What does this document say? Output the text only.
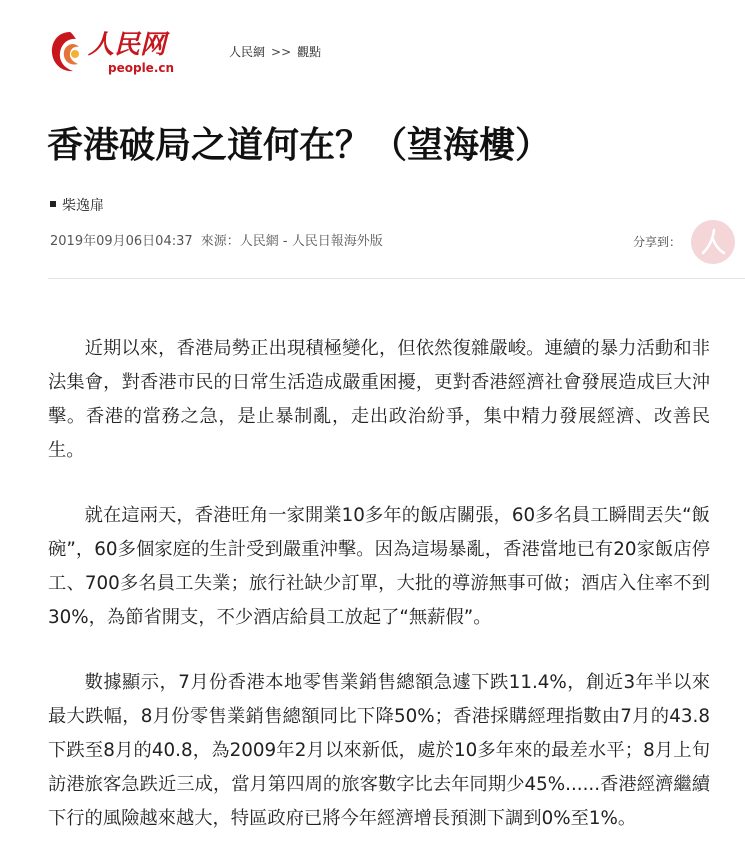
人民网
people.cn
人民網 >> 觀點
香港破局之道何在？（望海樓）
柴逸扉
2019年09月06日04:37 來源：人民網 - 人民日報海外版	分享到：

近期以來，香港局勢正出現積極變化，但依然復雜嚴峻。連續的暴力活動和非法集會，對香港市民的日常生活造成嚴重困擾，更對香港經濟社會發展造成巨大沖擊。香港的當務之急，是止暴制亂，走出政治紛爭，集中精力發展經濟、改善民生。

就在這兩天，香港旺角一家開業10多年的飯店關張，60多名員工瞬間丟失“飯碗”，60多個家庭的生計受到嚴重沖擊。因為這場暴亂，香港當地已有20家飯店停工、700多名員工失業；旅行社缺少訂單，大批的導游無事可做；酒店入住率不到30%，為節省開支，不少酒店給員工放起了“無薪假”。

數據顯示，7月份香港本地零售業銷售總額急遽下跌11.4%，創近3年半以來最大跌幅，8月份零售業銷售總額同比下降50%；香港採購經理指數由7月的43.8下跌至8月的40.8，為2009年2月以來新低，處於10多年來的最差水平；8月上旬訪港旅客急跌近三成，當月第四周的旅客數字比去年同期少45%......香港經濟繼續下行的風險越來越大，特區政府已將今年經濟增長預測下調到0%至1%。
